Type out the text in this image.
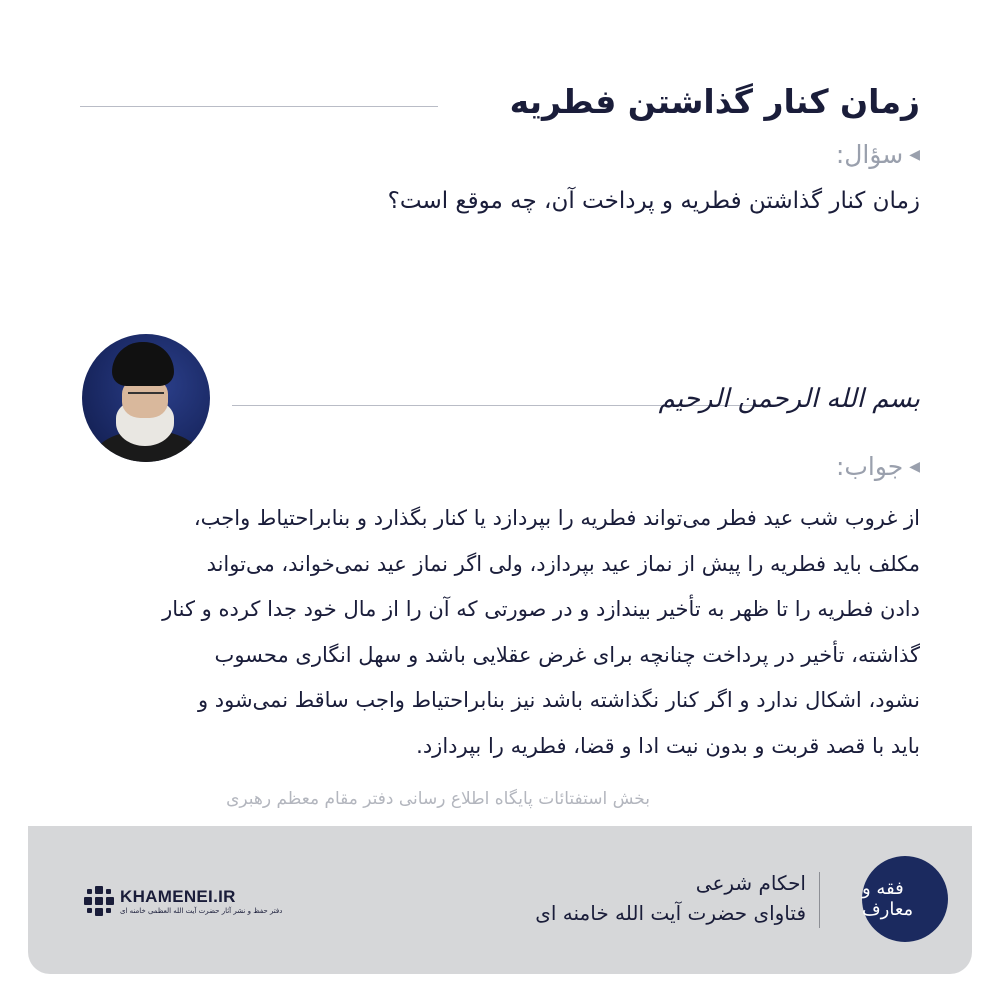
زمان کنار گذاشتن فطریه
◀
سؤال:
زمان کنار گذاشتن فطریه و پرداخت آن، چه موقع است؟
بسم الله الرحمن الرحیم
◀
جواب:

از غروب شب عید فطر می‌تواند فطریه را بپردازد یا کنار بگذارد و بنابراحتیاط واجب،

مکلف باید فطریه را پیش از نماز عید بپردازد، ولی اگر نماز عید نمی‌خواند، می‌تواند

دادن فطریه را تا ظهر به تأخیر بیندازد و در صورتی که آن را از مال خود جدا کرده و کنار

گذاشته، تأخیر در پرداخت چنانچه برای غرض عقلایی باشد و سهل انگاری محسوب

نشود، اشکال ندارد و اگر کنار نگذاشته باشد نیز بنابراحتیاط واجب ساقط نمی‌شود و

باید با قصد قربت و بدون نیت ادا و قضا، فطریه را بپردازد.

بخش استفتائات پایگاه اطلاع رسانی دفتر مقام معظم رهبری
فقه و معارف
احکام شرعی
فتاوای حضرت آیت الله خامنه ای
KHAMENEI.IR
دفتر حفظ و نشر آثار حضرت آیت الله العظمی خامنه ای
